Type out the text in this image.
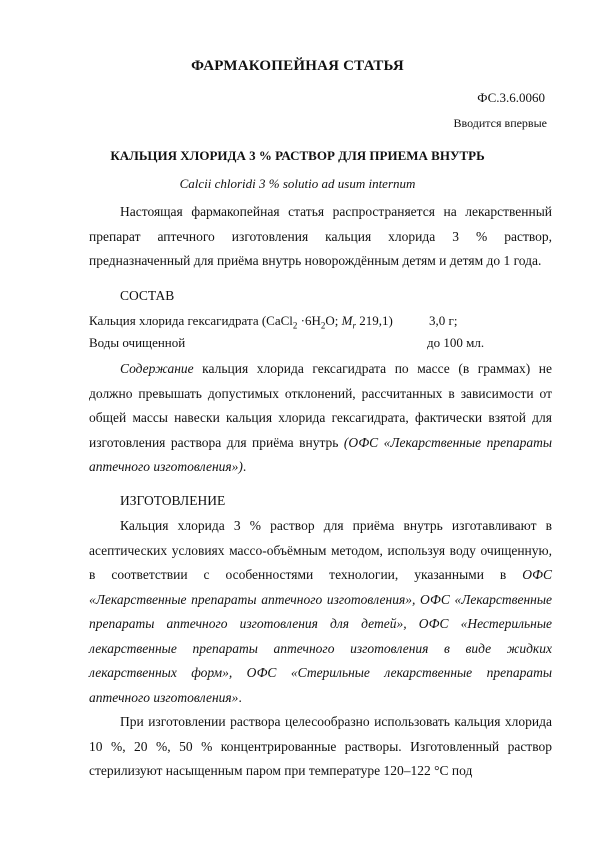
ФАРМАКОПЕЙНАЯ СТАТЬЯ
ФС.3.6.0060
Вводится впервые
КАЛЬЦИЯ ХЛОРИДА 3 % РАСТВОР ДЛЯ ПРИЕМА ВНУТРЬ
Calcii chloridi 3 % solutio ad usum internum

Настоящая фармакопейная статья распространяется на лекарственный препарат аптечного изготовления кальция хлорида 3 % раствор, предназначенный для приёма внутрь новорождённым детям и детям до 1 года.

СОСТАВ

Кальция хлорида гексагидрата (CaCl$_2$ $\cdot 6H_2O$; $M_r$ 219,1)	3,0 г;
Воды очищенной	до 100 мл.

Содержание кальция хлорида гексагидрата по массе (в граммах) не должно превышать допустимых отклонений, рассчитанных в зависимости от общей массы навески кальция хлорида гексагидрата, фактически взятой для изготовления раствора для приёма внутрь (ОФС «Лекарственные препараты аптечного изготовления»).

ИЗГОТОВЛЕНИЕ

Кальция хлорида 3 % раствор для приёма внутрь изготавливают в асептических условиях массо-объёмным методом, используя воду очищенную, в соответствии с особенностями технологии, указанными в ОФС «Лекарственные препараты аптечного изготовления», ОФС «Лекарственные препараты аптечного изготовления для детей», ОФС «Нестерильные лекарственные препараты аптечного изготовления в виде жидких лекарственных форм», ОФС «Стерильные лекарственные препараты аптечного изготовления».

При изготовлении раствора целесообразно использовать кальция хлорида 10 %, 20 %, 50 % концентрированные растворы. Изготовленный раствор стерилизуют насыщенным паром при температуре 120–122 °С под
